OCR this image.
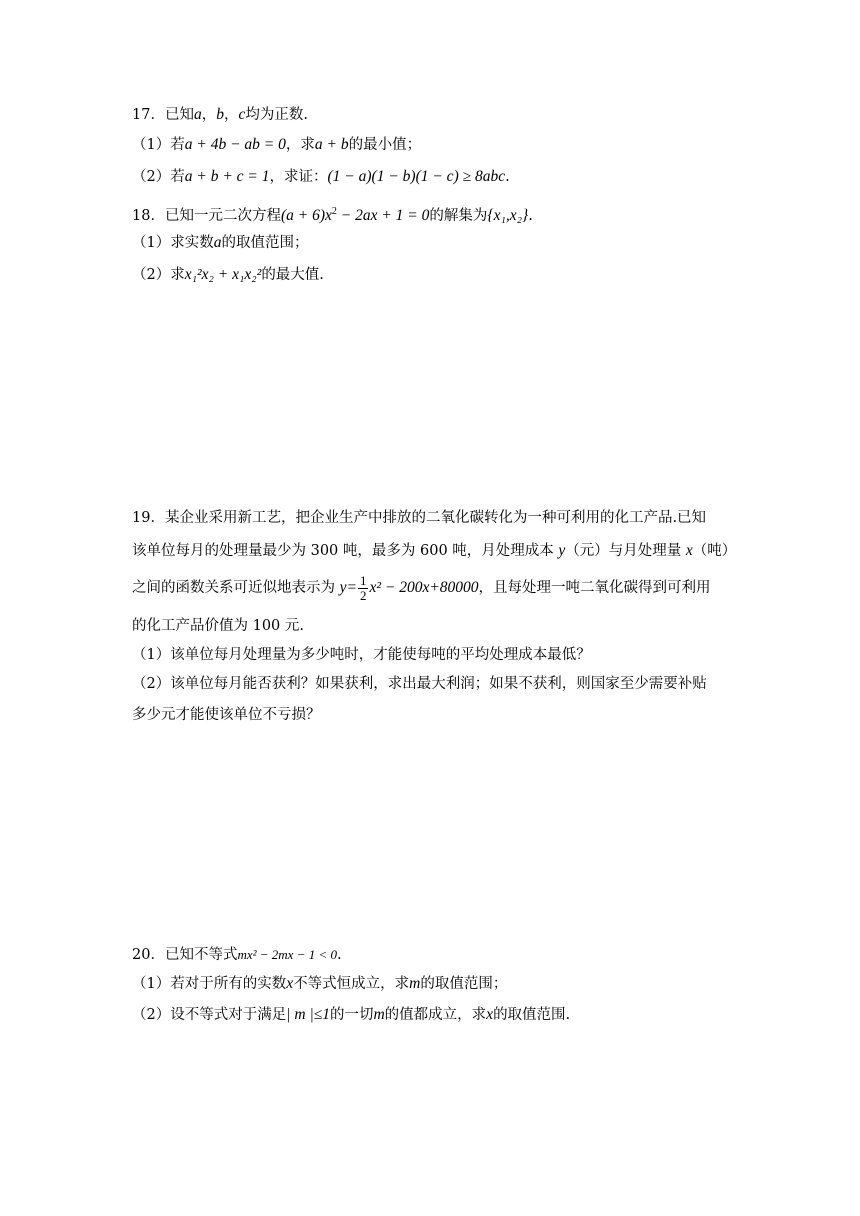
17．已知a，b，c均为正数.
（1）若a + 4b − ab = 0，求a + b的最小值；
（2）若a + b + c = 1，求证：(1 − a)(1 − b)(1 − c) ≥ 8abc.
18．已知一元二次方程$(a + 6)x^2 - 2ax + 1 = 0$的解集为{x₁,x₂}.
（1）求实数a的取值范围；
（2）求x₁²x₂ + x₁x₂²的最大值.
19．某企业采用新工艺，把企业生产中排放的二氧化碳转化为一种可利用的化工产品.已知
该单位每月的处理量最少为 300 吨，最多为 600 吨，月处理成本 y（元）与月处理量 x（吨）
之间的函数关系可近似地表示为 $y= \frac{1}{2} x^2 - 200x+80000$，且每处理一吨二氧化碳得到可利用
的化工产品价值为 100 元.
（1）该单位每月处理量为多少吨时，才能使每吨的平均处理成本最低？
（2）该单位每月能否获利？如果获利，求出最大利润；如果不获利，则国家至少需要补贴
多少元才能使该单位不亏损？
20．已知不等式mx² − 2mx − 1 < 0.
（1）若对于所有的实数x不等式恒成立，求m的取值范围；
（2）设不等式对于满足| m |≤1的一切m的值都成立，求x的取值范围.
